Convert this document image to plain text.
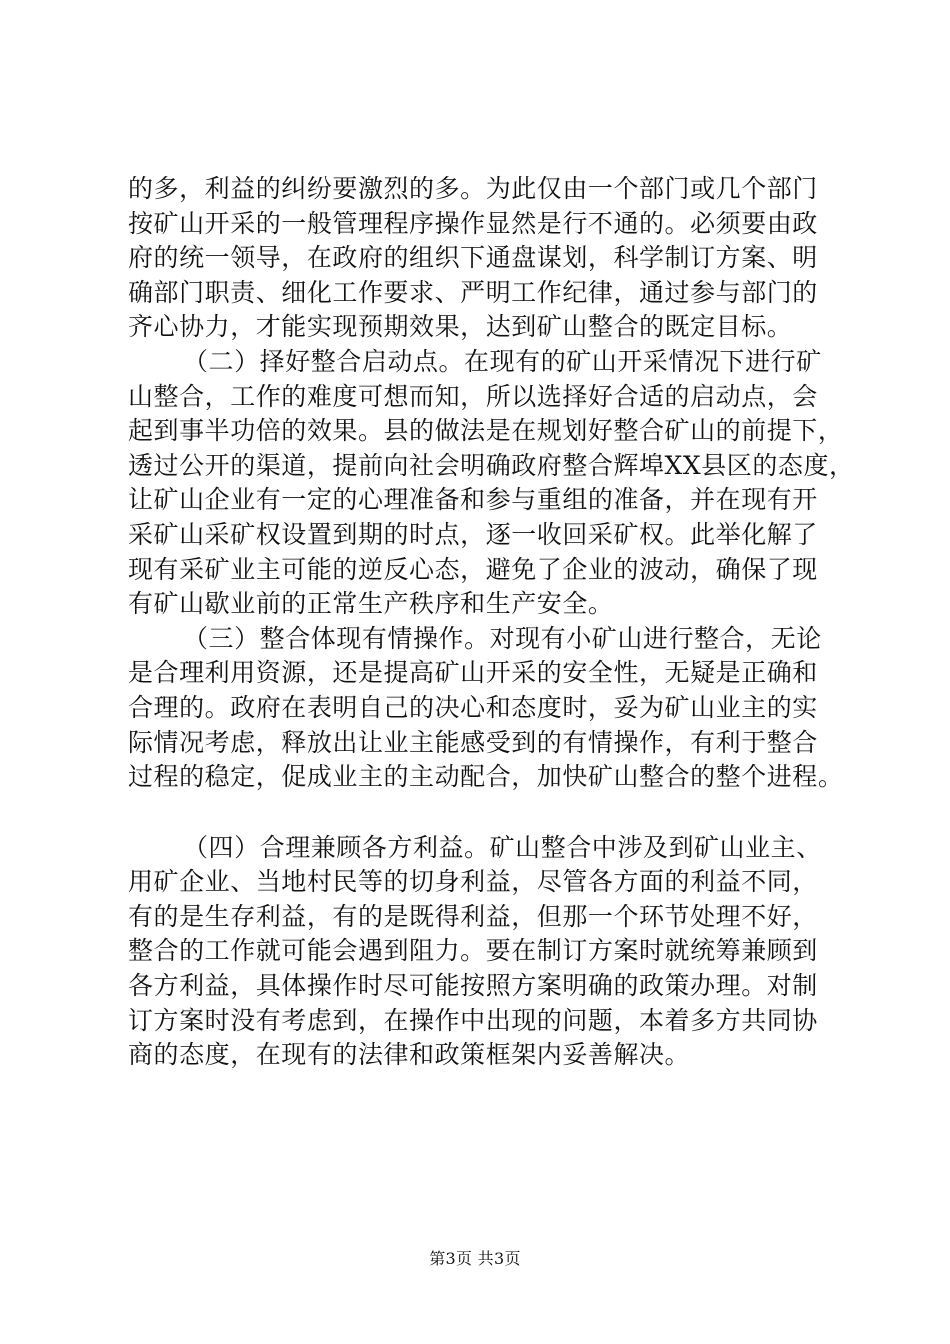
的多，利益的纠纷要激烈的多。为此仅由一个部门或几个部门
按矿山开采的一般管理程序操作显然是行不通的。必须要由政
府的统一领导，在政府的组织下通盘谋划，科学制订方案、明
确部门职责、细化工作要求、严明工作纪律，通过参与部门的
齐心协力，才能实现预期效果，达到矿山整合的既定目标。
（二）择好整合启动点。在现有的矿山开采情况下进行矿
山整合，工作的难度可想而知，所以选择好合适的启动点，会
起到事半功倍的效果。县的做法是在规划好整合矿山的前提下，
透过公开的渠道，提前向社会明确政府整合辉埠XX县区的态度，
让矿山企业有一定的心理准备和参与重组的准备，并在现有开
采矿山采矿权设置到期的时点，逐一收回采矿权。此举化解了
现有采矿业主可能的逆反心态，避免了企业的波动，确保了现
有矿山歇业前的正常生产秩序和生产安全。
（三）整合体现有情操作。对现有小矿山进行整合，无论
是合理利用资源，还是提高矿山开采的安全性，无疑是正确和
合理的。政府在表明自己的决心和态度时，妥为矿山业主的实
际情况考虑，释放出让业主能感受到的有情操作，有利于整合
过程的稳定，促成业主的主动配合，加快矿山整合的整个进程。
（四）合理兼顾各方利益。矿山整合中涉及到矿山业主、
用矿企业、当地村民等的切身利益，尽管各方面的利益不同，
有的是生存利益，有的是既得利益，但那一个环节处理不好，
整合的工作就可能会遇到阻力。要在制订方案时就统筹兼顾到
各方利益，具体操作时尽可能按照方案明确的政策办理。对制
订方案时没有考虑到，在操作中出现的问题，本着多方共同协
商的态度，在现有的法律和政策框架内妥善解决。
第3页 共3页
